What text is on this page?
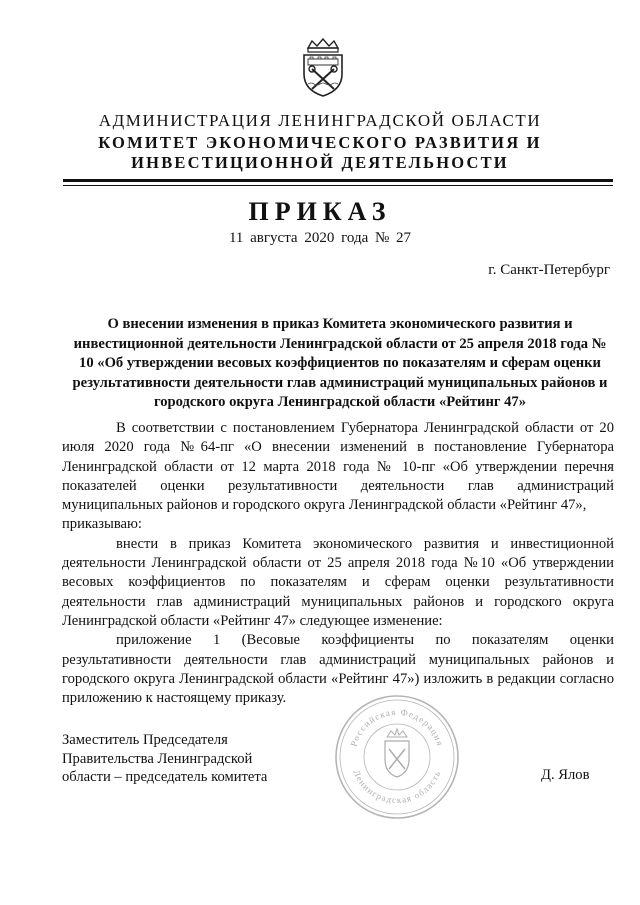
АДМИНИСТРАЦИЯ ЛЕНИНГРАДСКОЙ ОБЛАСТИ
КОМИТЕТ ЭКОНОМИЧЕСКОГО РАЗВИТИЯ И
ИНВЕСТИЦИОННОЙ ДЕЯТЕЛЬНОСТИ
ПРИКАЗ
11 августа 2020 года № 27
г. Санкт-Петербург
О внесении изменения в приказ Комитета экономического развития и инвестиционной деятельности Ленинградской области от 25 апреля 2018 года № 10 «Об утверждении весовых коэффициентов по показателям и сферам оценки результативности деятельности глав администраций муниципальных районов и городского округа Ленинградской области «Рейтинг 47»

В соответствии с постановлением Губернатора Ленинградской области от 20 июля 2020 года №64-пг «О внесении изменений в постановление Губернатора Ленинградской области от 12 марта 2018 года № 10-пг «Об утверждении перечня показателей оценки результативности деятельности глав администраций муниципальных районов и городского округа Ленинградской области «Рейтинг 47»,

приказываю:

внести в приказ Комитета экономического развития и инвестиционной деятельности Ленинградской области от 25 апреля 2018 года №10 «Об утверждении весовых коэффициентов по показателям и сферам оценки результативности деятельности глав администраций муниципальных районов и городского округа Ленинградской области «Рейтинг 47» следующее изменение:

приложение 1 (Весовые коэффициенты по показателям оценки результативности деятельности глав администраций муниципальных районов и городского округа Ленинградской области «Рейтинг 47») изложить в редакции согласно приложению к настоящему приказу.

Заместитель Председателя
Правительства Ленинградской
области – председатель комитета	Д. Ялов
Российская Федерация
Ленинградская область
